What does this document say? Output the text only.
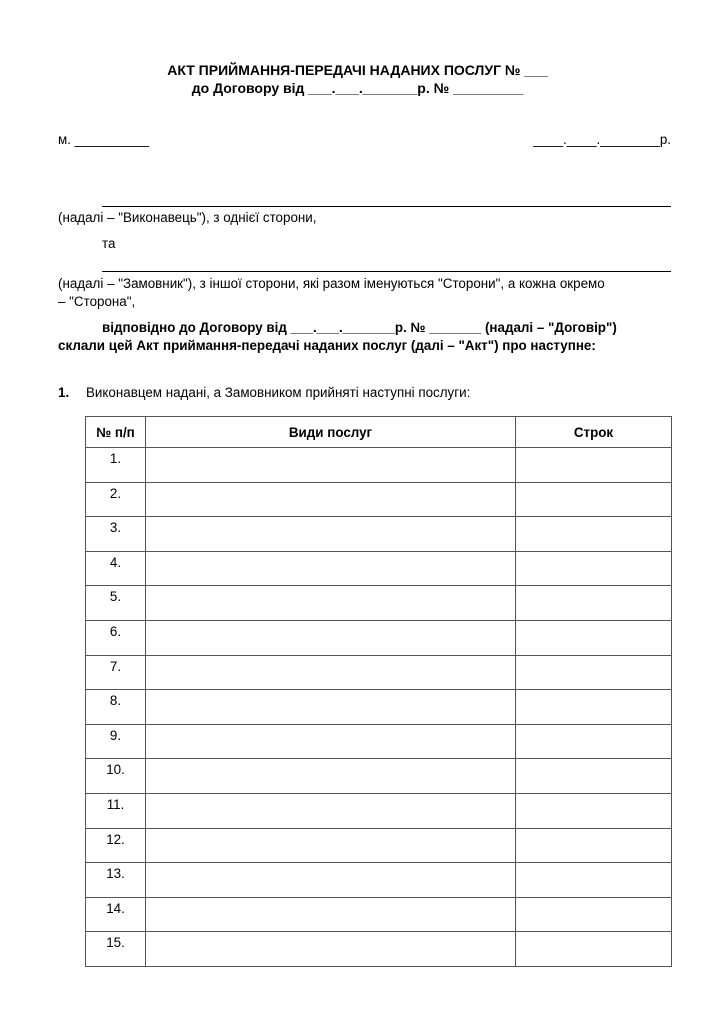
АКТ ПРИЙМАННЯ-ПЕРЕДАЧІ НАДАНИХ ПОСЛУГ № ___
до Договору від ___.___._______р. № _________
м. __________	____.____.________р.
(надалі – "Виконавець"), з однієї сторони,
та
(надалі – "Замовник"), з іншої сторони, які разом іменуються "Сторони", а кожна окремо
– "Сторона",
відповідно до Договору від ___.___._______р. № _______ (надалі – "Договір")
склали цей Акт приймання-передачі наданих послуг (далі – "Акт") про наступне:
1. Виконавцем надані, а Замовником прийняті наступні послуги:
№ п/п	Види послуг	Строк
1.		
2.		
3.		
4.		
5.		
6.		
7.		
8.		
9.		
10.		
11.		
12.		
13.		
14.		
15.		
